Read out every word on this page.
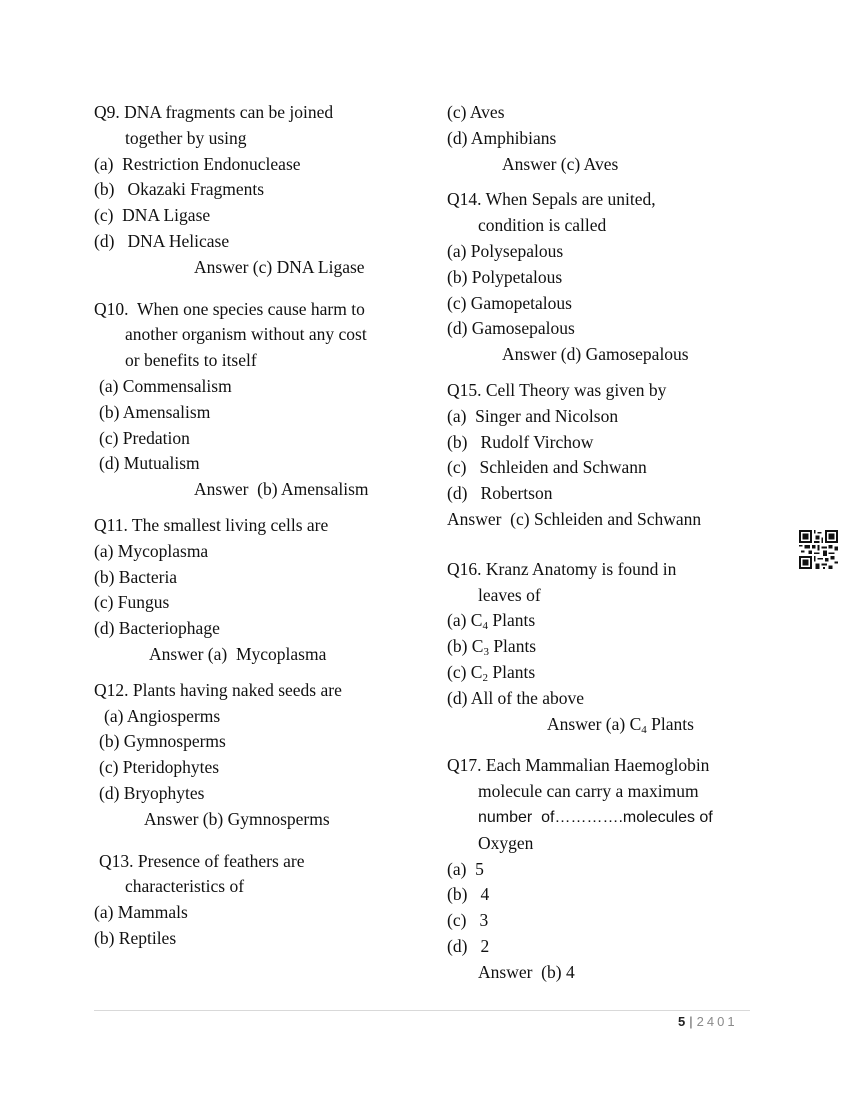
Q9. DNA fragments can be joined
together by using
(a)  Restriction Endonuclease
(b)   Okazaki Fragments
(c)  DNA Ligase
(d)   DNA Helicase
Answer (c) DNA Ligase
Q10.  When one species cause harm to
another organism without any cost
or benefits to itself
(a) Commensalism
(b) Amensalism
(c) Predation
(d) Mutualism
Answer  (b) Amensalism
Q11. The smallest living cells are
(a) Mycoplasma
(b) Bacteria
(c) Fungus
(d) Bacteriophage
Answer (a)  Mycoplasma
Q12. Plants having naked seeds are
(a) Angiosperms
(b) Gymnosperms
(c) Pteridophytes
(d) Bryophytes
Answer (b) Gymnosperms
Q13. Presence of feathers are
characteristics of
(a) Mammals
(b) Reptiles
(c) Aves
(d) Amphibians
Answer (c) Aves
Q14. When Sepals are united,
condition is called
(a) Polysepalous
(b) Polypetalous
(c) Gamopetalous
(d) Gamosepalous
Answer (d) Gamosepalous
Q15. Cell Theory was given by
(a)  Singer and Nicolson
(b)   Rudolf Virchow
(c)   Schleiden and Schwann
(d)   Robertson
Answer  (c) Schleiden and Schwann
Q16. Kranz Anatomy is found in
leaves of
(a) $C_4$ Plants
(b) $C_3$ Plants
(c) $C_2$ Plants
(d) All of the above
Answer (a) $C_4$ Plants
Q17. Each Mammalian Haemoglobin
molecule can carry a maximum
number  of………….molecules of
Oxygen
(a)  5
(b)   4
(c)   3
(d)   2
Answer  (b) 4
5 | 2401
